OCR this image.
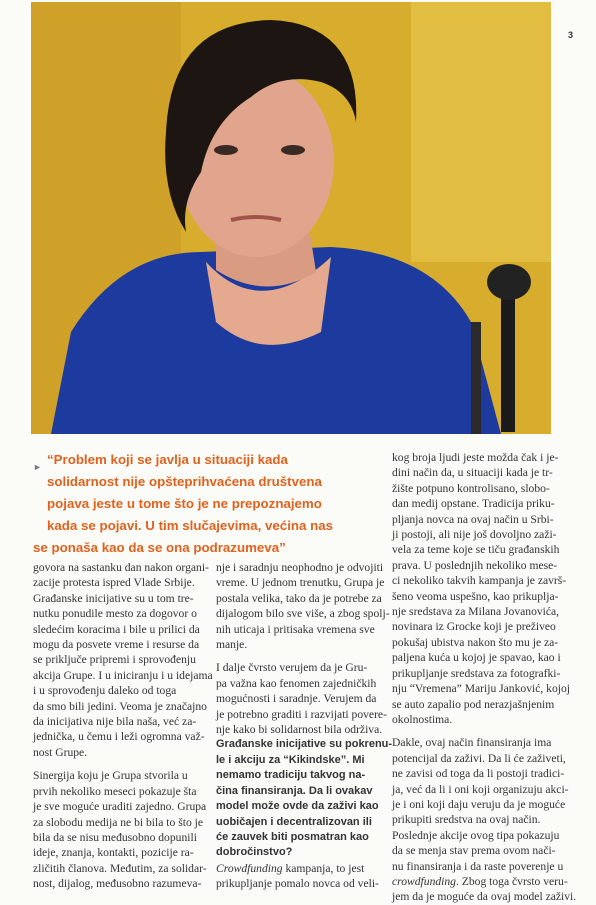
3
► “Problem koji se javlja u situaciji kada
solidarnost nije opšteprihvaćena društvena
pojava jeste u tome što je ne prepoznajemo
kada se pojavi. U tim slučajevima, većina nas
se ponaša kao da se ona podrazumeva”
govora na sastanku dan nakon organi-
zacije protesta ispred Vlade Srbije.
Građanske inicijative su u tom tre-
nutku ponudile mesto za dogovor o
sledećim koracima i bile u prilici da
mogu da posvete vreme i resurse da
se priključe pripremi i sprovođenju
akcija Grupe. I u iniciranju i u idejama
i u sprovođenju daleko od toga
da smo bili jedini. Veoma je značajno
da inicijativa nije bila naša, već za-
jednička, u čemu i leži ogromna važ-
nost Grupe.
Sinergija koju je Grupa stvorila u
prvih nekoliko meseci pokazuje šta
je sve moguće uraditi zajedno. Grupa
za slobodu medija ne bi bila to što je
bila da se nisu međusobno dopunili
ideje, znanja, kontakti, pozicije ra-
zličitih članova. Međutim, za solidar-
nost, dijalog, međusobno razumeva-
nje i saradnju neophodno je odvojiti
vreme. U jednom trenutku, Grupa je
postala velika, tako da je potrebe za
dijalogom bilo sve više, a zbog spolj-
nih uticaja i pritisaka vremena sve
manje.
I dalje čvrsto verujem da je Gru-
pa važna kao fenomen zajedničkih
mogućnosti i saradnje. Verujem da
je potrebno graditi i razvijati povere-
nje kako bi solidarnost bila održiva.
Građanske inicijative su pokrenu-
le i akciju za “Kikindske”. Mi
nemamo tradiciju takvog na-
čina finansiranja. Da li ovakav
model može ovde da zaživi kao
uobičajen i decentralizovan ili
će zauvek biti posmatran kao
dobročinstvo?
Crowdfunding kampanja, to jest
prikupljanje pomalo novca od veli-
kog broja ljudi jeste možda čak i je-
dini način da, u situaciji kada je tr-
žište potpuno kontrolisano, slobo-
dan medij opstane. Tradicija priku-
pljanja novca na ovaj način u Srbi-
ji postoji, ali nije još dovoljno zaži-
vela za teme koje se tiču građanskih
prava. U poslednjih nekoliko mese-
ci nekoliko takvih kampanja je završ-
šeno veoma uspešno, kao prikuplja-
nje sredstava za Milana Jovanovića,
novinara iz Grocke koji je preživeo
pokušaj ubistva nakon što mu je za-
paljena kuća u kojoj je spavao, kao i
prikupljanje sredstava za fotografki-
nju “Vremena” Mariju Janković, kojoj
se auto zapalio pod nerazjašnjenim
okolnostima.
Dakle, ovaj način finansiranja ima
potencijal da zaživi. Da li će zaživeti,
ne zavisi od toga da li postoji tradici-
ja, već da li i oni koji organizuju akci-
je i oni koji daju veruju da je moguće
prikupiti sredstva na ovaj način.
Poslednje akcije ovog tipa pokazuju
da se menja stav prema ovom nači-
nu finansiranja i da raste poverenje u
crowdfunding. Zbog toga čvrsto veru-
jem da je moguće da ovaj model zaživi.
